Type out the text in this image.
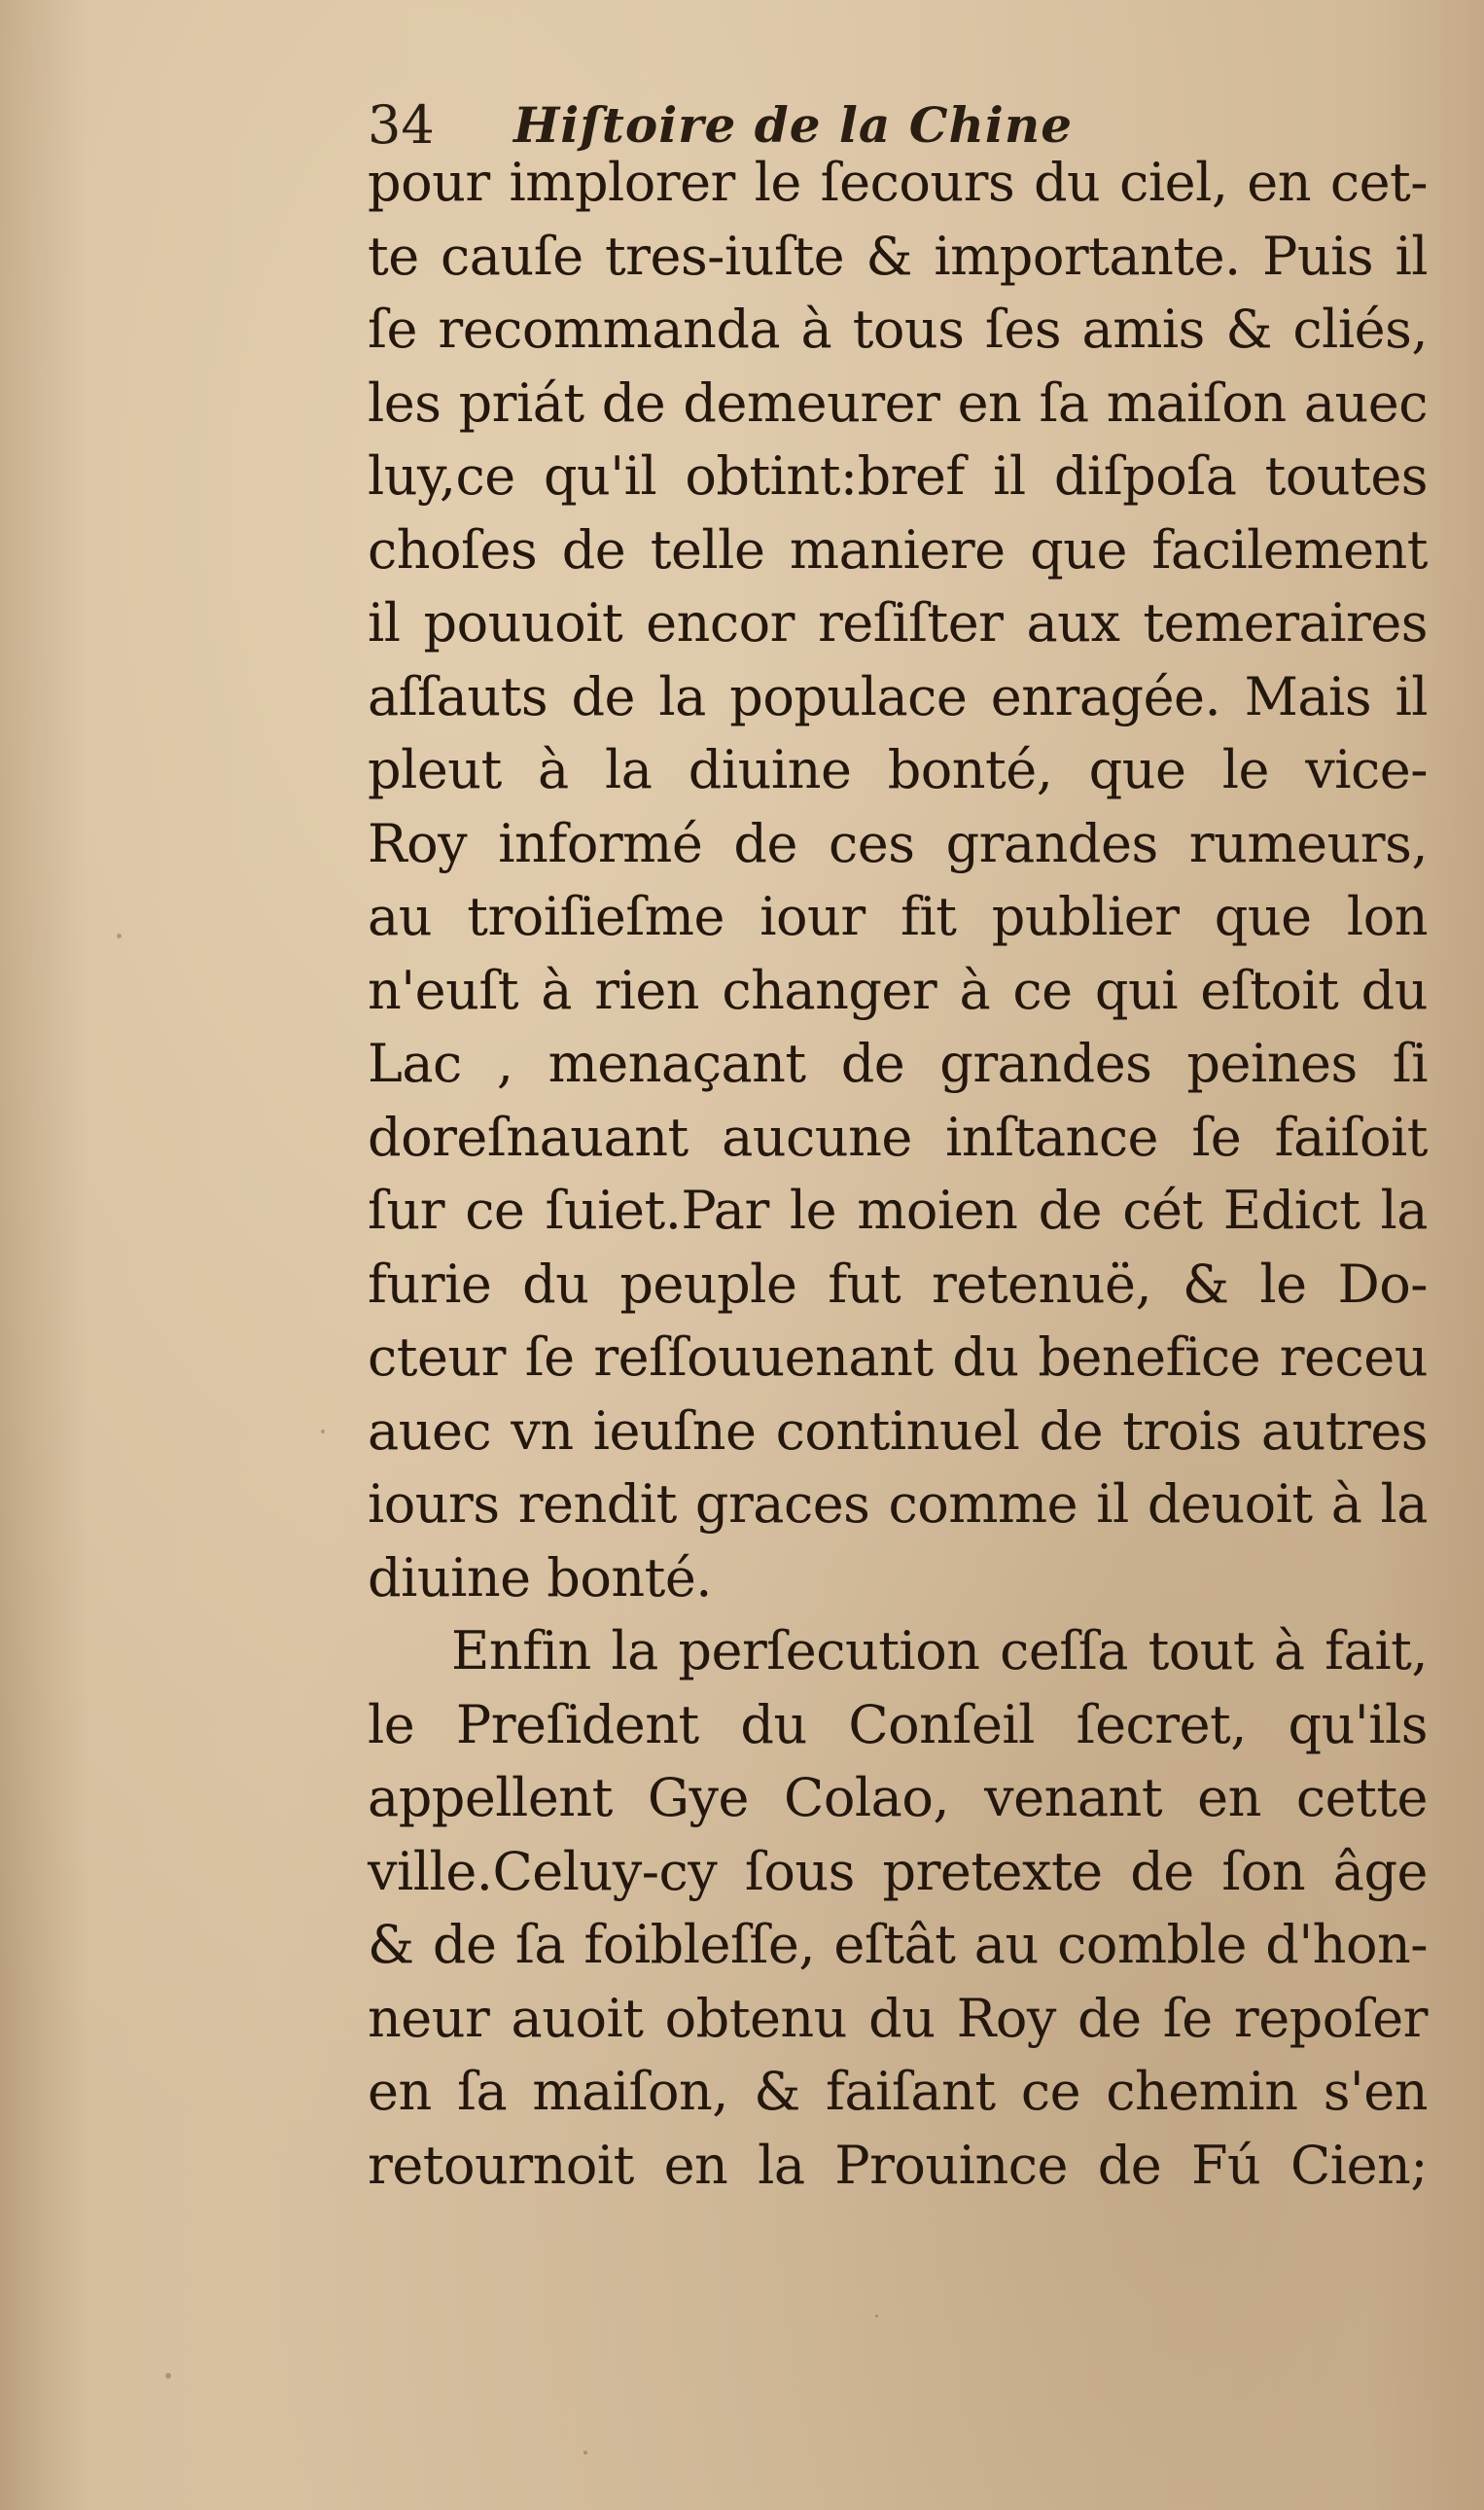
34 Hiſtoire de la Chine
pour implorer le ſecours du ciel, en cet-
te cauſe tres-iuſte & importante. Puis il
ſe recommanda à tous ſes amis & cliés,
les priát de demeurer en ſa maiſon auec
luy,ce qu'il obtint:bref il diſpoſa toutes
choſes de telle maniere que facilement
il pouuoit encor reſiſter aux temeraires
aſſauts de la populace enragée. Mais il
pleut à la diuine bonté, que le vice-
Roy informé de ces grandes rumeurs,
au troiſieſme iour fit publier que lon
n'euſt à rien changer à ce qui eſtoit du
Lac , menaçant de grandes peines ſi
doreſnauant aucune inſtance ſe faiſoit
ſur ce ſuiet.Par le moien de cét Edict la
furie du peuple fut retenuë, & le Do-
cteur ſe reſſouuenant du benefice receu
auec vn ieuſne continuel de trois autres
iours rendit graces comme il deuoit à la
diuine bonté.
Enfin la perſecution ceſſa tout à fait,
le Preſident du Conſeil ſecret, qu'ils
appellent Gye Colao, venant en cette
ville.Celuy-cy ſous pretexte de ſon âge
& de ſa foibleſſe, eſtât au comble d'hon-
neur auoit obtenu du Roy de ſe repoſer
en ſa maiſon, & faiſant ce chemin s'en
retournoit en la Prouince de Fú Cien;
